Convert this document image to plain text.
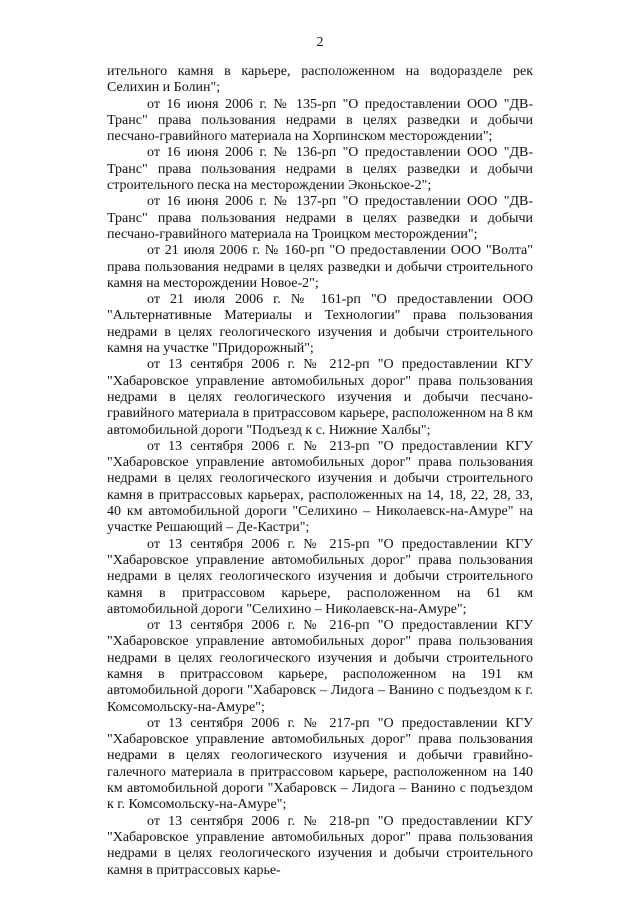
2

ительного камня в карьере, расположенном на водоразделе рек Селихин и Болин";

от 16 июня 2006 г. № 135-рп "О предоставлении ООО "ДВ-Транс" права пользования недрами в целях разведки и добычи песчано-гравийного материала на Хорпинском месторождении";

от 16 июня 2006 г. № 136-рп "О предоставлении ООО "ДВ-Транс" права пользования недрами в целях разведки и добычи строительного песка на месторождении Эконьское-2";

от 16 июня 2006 г. № 137-рп "О предоставлении ООО "ДВ-Транс" права пользования недрами в целях разведки и добычи песчано-гравийного материала на Троицком месторождении";

от 21 июля 2006 г. № 160-рп "О предоставлении ООО "Волта" права пользования недрами в целях разведки и добычи строительного камня на месторождении Новое-2";

от 21 июля 2006 г. № 161-рп "О предоставлении ООО "Альтернативные Материалы и Технологии" права пользования недрами в целях геологического изучения и добычи строительного камня на участке "Придорожный";

от 13 сентября 2006 г. № 212-рп "О предоставлении КГУ "Хабаровское управление автомобильных дорог" права пользования недрами в целях геологического изучения и добычи песчано-гравийного материала в притрассовом карьере, расположенном на 8 км автомобильной дороги "Подъезд к с. Нижние Халбы";

от 13 сентября 2006 г. № 213-рп "О предоставлении КГУ "Хабаровское управление автомобильных дорог" права пользования недрами в целях геологического изучения и добычи строительного камня в притрассовых карьерах, расположенных на 14, 18, 22, 28, 33, 40 км автомобильной дороги "Селихино – Николаевск-на-Амуре" на участке Решающий – Де-Кастри";

от 13 сентября 2006 г. № 215-рп "О предоставлении КГУ "Хабаровское управление автомобильных дорог" права пользования недрами в целях геологического изучения и добычи строительного камня в притрассовом карьере, расположенном на 61 км автомобильной дороги "Селихино – Николаевск-на-Амуре";

от 13 сентября 2006 г. № 216-рп "О предоставлении КГУ "Хабаровское управление автомобильных дорог" права пользования недрами в целях геологического изучения и добычи строительного камня в притрассовом карьере, расположенном на 191 км автомобильной дороги "Хабаровск – Лидога – Ванино с подъездом к г. Комсомольску-на-Амуре";

от 13 сентября 2006 г. № 217-рп "О предоставлении КГУ "Хабаровское управление автомобильных дорог" права пользования недрами в целях геологического изучения и добычи гравийно-галечного материала в притрассовом карьере, расположенном на 140 км автомобильной дороги "Хабаровск – Лидога – Ванино с подъездом к г. Комсомольску-на-Амуре";

от 13 сентября 2006 г. № 218-рп "О предоставлении КГУ "Хабаровское управление автомобильных дорог" права пользования недрами в целях геологического изучения и добычи строительного камня в притрассовых карье-
